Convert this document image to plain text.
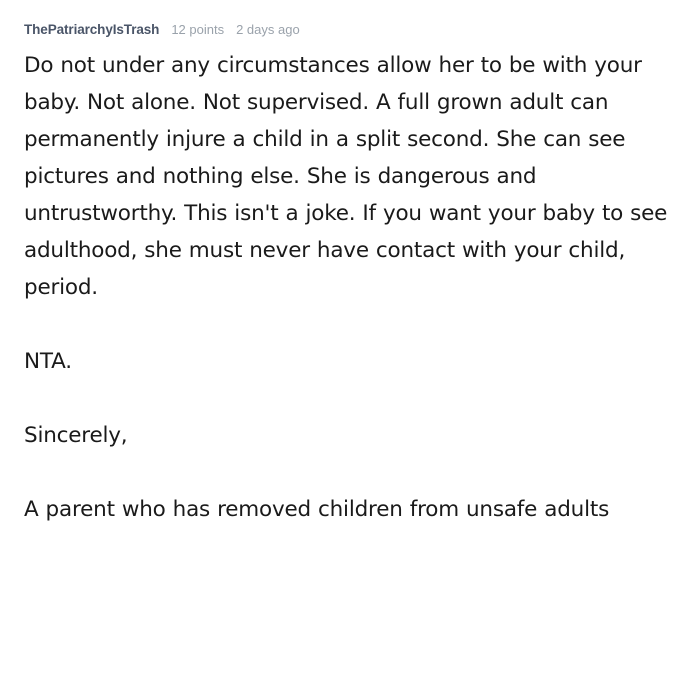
ThePatriarchyIsTrash 12 points 2 days ago

Do not under any circumstances allow her to be with your baby. Not alone. Not supervised. A full grown adult can permanently injure a child in a split second. She can see pictures and nothing else. She is dangerous and untrustworthy. This isn't a joke. If you want your baby to see adulthood, she must never have contact with your child, period.

NTA.

Sincerely,

A parent who has removed children from unsafe adults
